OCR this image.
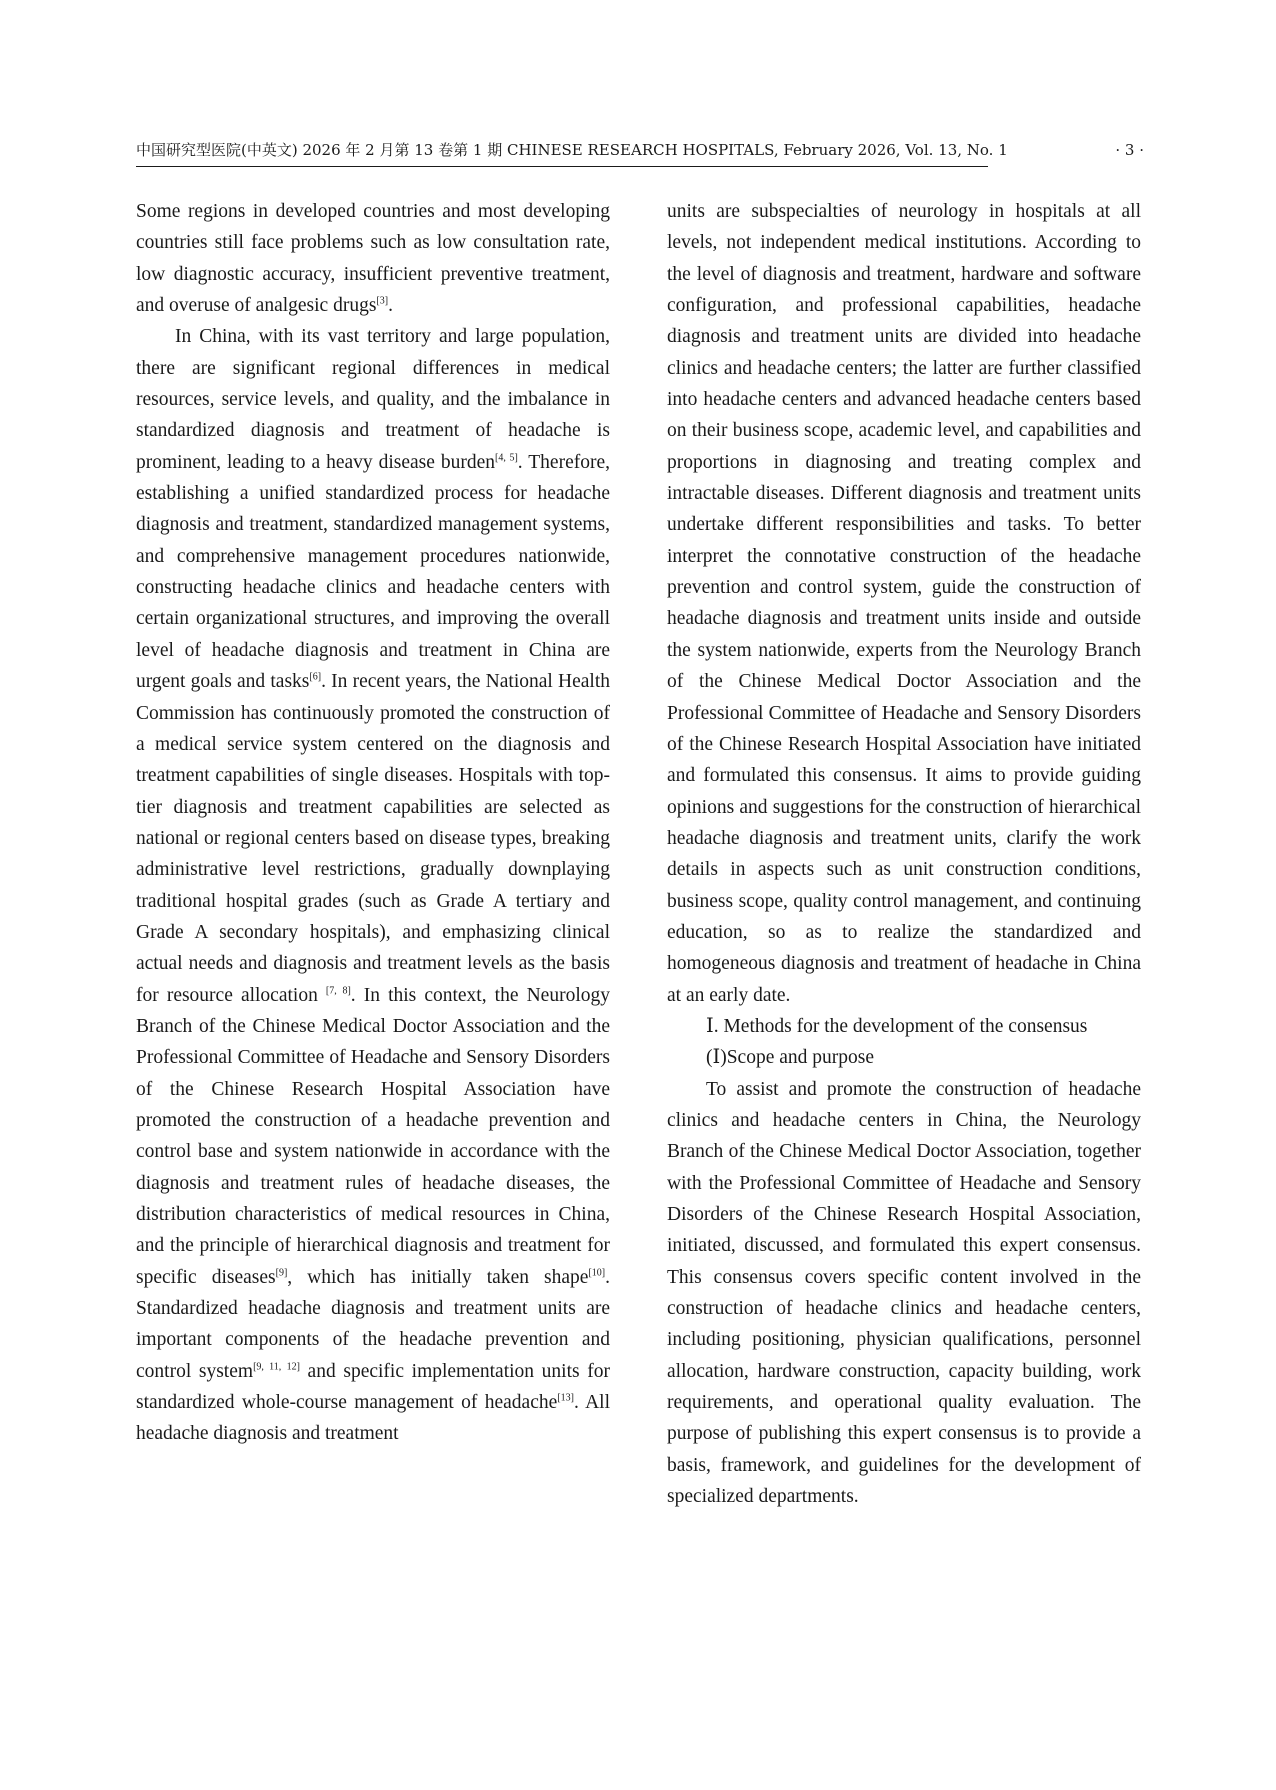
中国研究型医院(中英文) 2026 年 2 月第 13 卷第 1 期 CHINESE RESEARCH HOSPITALS, February 2026, Vol. 13, No. 1	· 3 ·

Some regions in developed countries and most developing countries still face problems such as low consultation rate, low diagnostic accuracy, insufficient preventive treatment, and overuse of analgesic drugs[3].

In China, with its vast territory and large population, there are significant regional differences in medical resources, service levels, and quality, and the imbalance in standardized diagnosis and treatment of headache is prominent, leading to a heavy disease burden[4, 5]. Therefore, establishing a unified standardized process for headache diagnosis and treatment, standardized management systems, and comprehensive management procedures nationwide, constructing headache clinics and headache centers with certain organizational structures, and improving the overall level of headache diagnosis and treatment in China are urgent goals and tasks[6]. In recent years, the National Health Commission has continuously promoted the construction of a medical service system centered on the diagnosis and treatment capabilities of single diseases. Hospitals with top-tier diagnosis and treatment capabilities are selected as national or regional centers based on disease types, breaking administrative level restrictions, gradually downplaying traditional hospital grades (such as Grade A tertiary and Grade A secondary hospitals), and emphasizing clinical actual needs and diagnosis and treatment levels as the basis for resource allocation [7, 8]. In this context, the Neurology Branch of the Chinese Medical Doctor Association and the Professional Committee of Headache and Sensory Disorders of the Chinese Research Hospital Association have promoted the construction of a headache prevention and control base and system nationwide in accordance with the diagnosis and treatment rules of headache diseases, the distribution characteristics of medical resources in China, and the principle of hierarchical diagnosis and treatment for specific diseases[9], which has initially taken shape[10]. Standardized headache diagnosis and treatment units are important components of the headache prevention and control system[9, 11, 12] and specific implementation units for standardized whole-course management of headache[13]. All headache diagnosis and treatment

units are subspecialties of neurology in hospitals at all levels, not independent medical institutions. According to the level of diagnosis and treatment, hardware and software configuration, and professional capabilities, headache diagnosis and treatment units are divided into headache clinics and headache centers; the latter are further classified into headache centers and advanced headache centers based on their business scope, academic level, and capabilities and proportions in diagnosing and treating complex and intractable diseases. Different diagnosis and treatment units undertake different responsibilities and tasks. To better interpret the connotative construction of the headache prevention and control system, guide the construction of headache diagnosis and treatment units inside and outside the system nationwide, experts from the Neurology Branch of the Chinese Medical Doctor Association and the Professional Committee of Headache and Sensory Disorders of the Chinese Research Hospital Association have initiated and formulated this consensus. It aims to provide guiding opinions and suggestions for the construction of hierarchical headache diagnosis and treatment units, clarify the work details in aspects such as unit construction conditions, business scope, quality control management, and continuing education, so as to realize the standardized and homogeneous diagnosis and treatment of headache in China at an early date.

Ⅰ. Methods for the development of the consensus

(Ⅰ)Scope and purpose

To assist and promote the construction of headache clinics and headache centers in China, the Neurology Branch of the Chinese Medical Doctor Association, together with the Professional Committee of Headache and Sensory Disorders of the Chinese Research Hospital Association, initiated, discussed, and formulated this expert consensus. This consensus covers specific content involved in the construction of headache clinics and headache centers, including positioning, physician qualifications, personnel allocation, hardware construction, capacity building, work requirements, and operational quality evaluation. The purpose of publishing this expert consensus is to provide a basis, framework, and guidelines for the development of specialized departments.
